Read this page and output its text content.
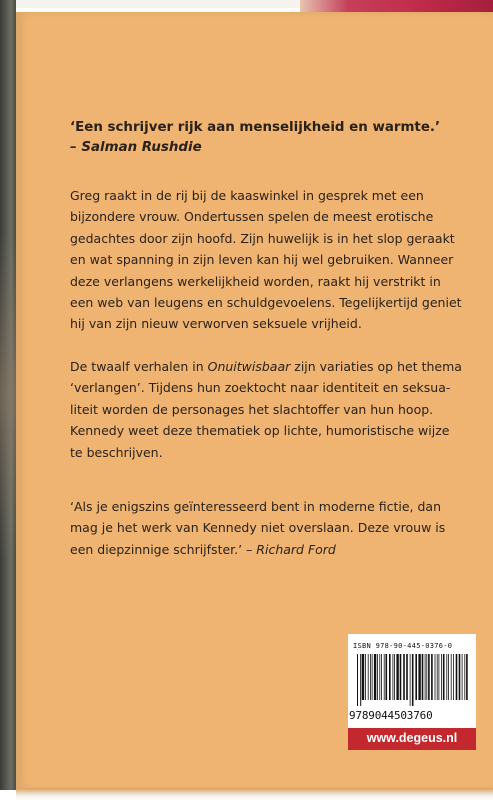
‘Een schrijver rijk aan menselijkheid en warmte.’

– Salman Rushdie

Greg raakt in de rij bij de kaaswinkel in gesprek met een
bijzondere vrouw. Ondertussen spelen de meest erotische
gedachtes door zijn hoofd. Zijn huwelijk is in het slop geraakt
en wat spanning in zijn leven kan hij wel gebruiken. Wanneer
deze verlangens werkelijkheid worden, raakt hij verstrikt in
een web van leugens en schuldgevoelens. Tegelijkertijd geniet
hij van zijn nieuw verworven seksuele vrijheid.
De twaalf verhalen in Onuitwisbaar zijn variaties op het thema
‘verlangen’. Tijdens hun zoektocht naar identiteit en seksua-
liteit worden de personages het slachtoffer van hun hoop.
Kennedy weet deze thematiek op lichte, humoristische wijze
te beschrijven.
‘Als je enigszins geïnteresseerd bent in moderne fictie, dan
mag je het werk van Kennedy niet overslaan. Deze vrouw is
een diepzinnige schrijfster.’ – Richard Ford
ISBN 978-90-445-0376-0
9789044503760
www.degeus.nl
